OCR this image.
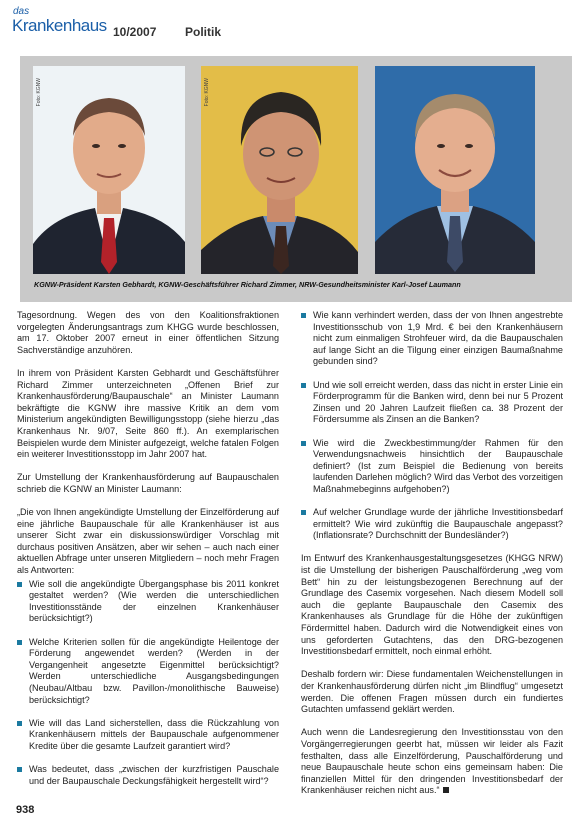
das
Krankenhaus 10/2007 Politik
Foto: KGNW	Foto: KGNW
KGNW-Präsident Karsten Gebhardt, KGNW-Geschäftsführer Richard Zimmer, NRW-Gesundheitsminister Karl-Josef Laumann

Tagesordnung. Wegen des von den Koalitionsfraktionen vorgelegten Änderungsantrags zum KHGG wurde beschlossen, am 17. Oktober 2007 erneut in einer öffentlichen Sitzung Sachverständige anzuhören.

In ihrem von Präsident Karsten Gebhardt und Geschäftsführer Richard Zimmer unterzeichneten „Offenen Brief zur Krankenhausförderung/Baupauschale“ an Minister Laumann bekräftigte die KGNW ihre massive Kritik an dem vom Ministerium angekündigten Bewilligungsstopp (siehe hierzu „das Krankenhaus Nr. 9/07, Seite 860 ff.). An exemplarischen Beispielen wurde dem Minister aufgezeigt, welche fatalen Folgen ein weiterer Investitionsstopp im Jahr 2007 hat.

Zur Umstellung der Krankenhausförderung auf Baupauschalen schrieb die KGNW an Minister Laumann:

„Die von Ihnen angekündigte Umstellung der Einzelförderung auf eine jährliche Baupauschale für alle Krankenhäuser ist aus unserer Sicht zwar ein diskussionswürdiger Vorschlag mit durchaus positiven Ansätzen, aber wir sehen – auch nach einer aktuellen Abfrage unter unseren Mitgliedern – noch mehr Fragen als Antworten:

Wie soll die angekündigte Übergangsphase bis 2011 konkret gestaltet werden? (Wie werden die unterschiedlichen Investitionsstände der einzelnen Krankenhäuser berücksichtigt?)
Welche Kriterien sollen für die angekündigte Heilentoge der Förderung angewendet werden? (Werden in der Vergangenheit angesetzte Eigenmittel berücksichtigt? Werden unterschiedliche Ausgangsbedingungen (Neubau/Altbau bzw. Pavillon-/monolithische Bauweise) berücksichtigt?
Wie will das Land sicherstellen, dass die Rückzahlung von Krankenhäusern mittels der Baupauschale aufgenommener Kredite über die gesamte Laufzeit garantiert wird?
Was bedeutet, dass „zwischen der kurzfristigen Pauschale und der Baupauschale Deckungsfähigkeit hergestellt wird“?
Wie kann verhindert werden, dass der von Ihnen angestrebte Investitionsschub von 1,9 Mrd. € bei den Krankenhäusern nicht zum einmaligen Strohfeuer wird, da die Baupauschalen auf lange Sicht an die Tilgung einer einzigen Baumaßnahme gebunden sind?
Und wie soll erreicht werden, dass das nicht in erster Linie ein Förderprogramm für die Banken wird, denn bei nur 5 Prozent Zinsen und 20 Jahren Laufzeit fließen ca. 38 Prozent der Fördersumme als Zinsen an die Banken?
Wie wird die Zweckbestimmung/der Rahmen für den Verwendungsnachweis hinsichtlich der Baupauschale definiert? (Ist zum Beispiel die Bedienung von bereits laufenden Darlehen möglich? Wird das Verbot des vorzeitigen Maßnahmebeginns aufgehoben?)
Auf welcher Grundlage wurde der jährliche Investitionsbedarf ermittelt? Wie wird zukünftig die Baupauschale angepasst? (Inflationsrate? Durchschnitt der Bundesländer?)

Im Entwurf des Krankenhausgestaltungsgesetzes (KHGG NRW) ist die Umstellung der bisherigen Pauschalförderung „weg vom Bett“ hin zu der leistungsbezogenen Berechnung auf der Grundlage des Casemix vorgesehen. Nach diesem Modell soll auch die geplante Baupauschale den Casemix des Krankenhauses als Grundlage für die Höhe der zukünftigen Fördermittel haben. Dadurch wird die Notwendigkeit eines von uns geforderten Gutachtens, das den DRG-bezogenen Investitionsbedarf ermittelt, noch einmal erhöht.

Deshalb fordern wir: Diese fundamentalen Weichenstellungen in der Krankenhausförderung dürfen nicht „im Blindflug“ umgesetzt werden. Die offenen Fragen müssen durch ein fundiertes Gutachten umfassend geklärt werden.

Auch wenn die Landesregierung den Investitionsstau von den Vorgängerregierungen geerbt hat, müssen wir leider als Fazit festhalten, dass alle Einzelförderung, Pauschalförderung und neue Baupauschale heute schon eins gemeinsam haben: Die finanziellen Mittel für den dringenden Investitionsbedarf der Krankenhäuser reichen nicht aus.“

938
